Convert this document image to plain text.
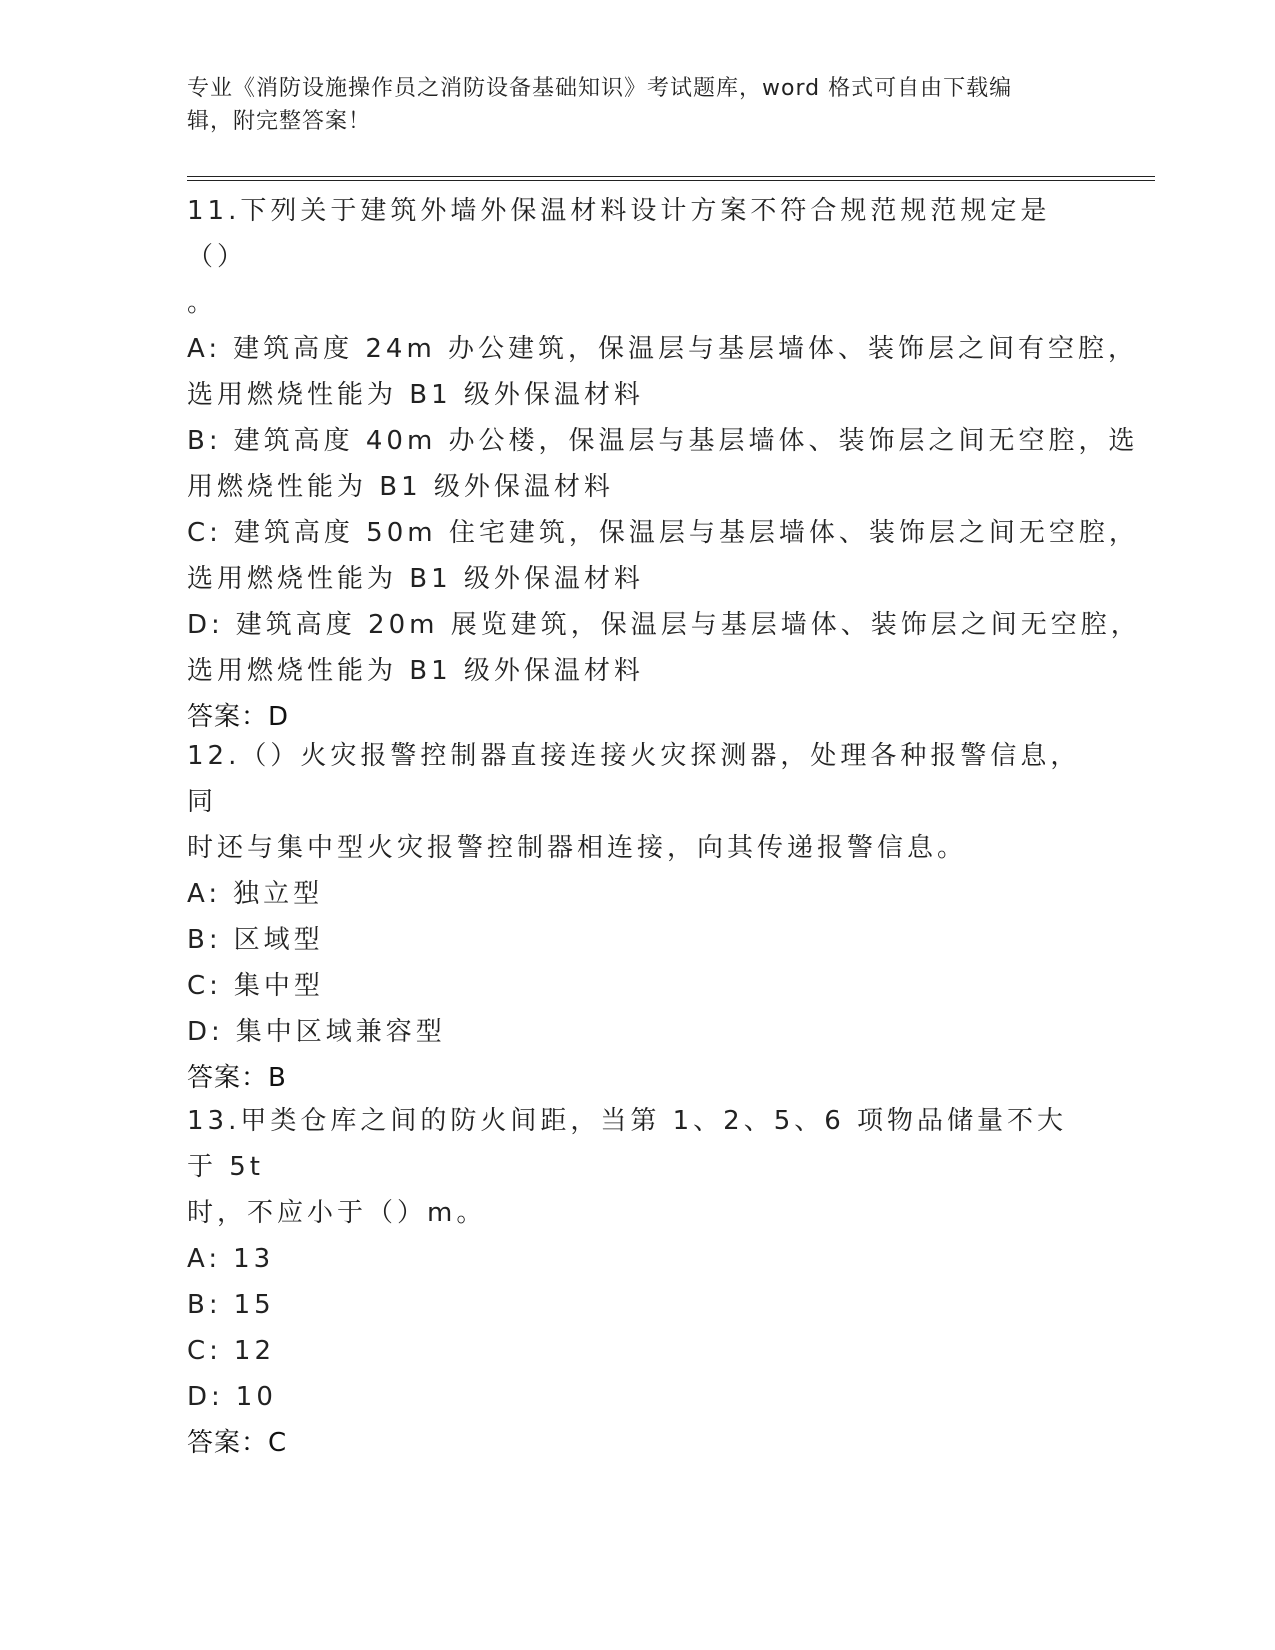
专业《消防设施操作员之消防设备基础知识》考试题库，word 格式可自由下载编
辑，附完整答案！
11.下列关于建筑外墙外保温材料设计方案不符合规范规范规定是（）
。
A: 建筑高度 24m 办公建筑，保温层与基层墙体、装饰层之间有空腔，
选用燃烧性能为 B1 级外保温材料
B: 建筑高度 40m 办公楼，保温层与基层墙体、装饰层之间无空腔，选
用燃烧性能为 B1 级外保温材料
C: 建筑高度 50m 住宅建筑，保温层与基层墙体、装饰层之间无空腔，
选用燃烧性能为 B1 级外保温材料
D: 建筑高度 20m 展览建筑，保温层与基层墙体、装饰层之间无空腔，
选用燃烧性能为 B1 级外保温材料
答案：D
12.（）火灾报警控制器直接连接火灾探测器，处理各种报警信息，同
时还与集中型火灾报警控制器相连接，向其传递报警信息。
A: 独立型
B: 区域型
C: 集中型
D: 集中区域兼容型
答案：B
13.甲类仓库之间的防火间距，当第 1、2、5、6 项物品储量不大于 5t
时，不应小于（）m。
A: 13
B: 15
C: 12
D: 10
答案：C
